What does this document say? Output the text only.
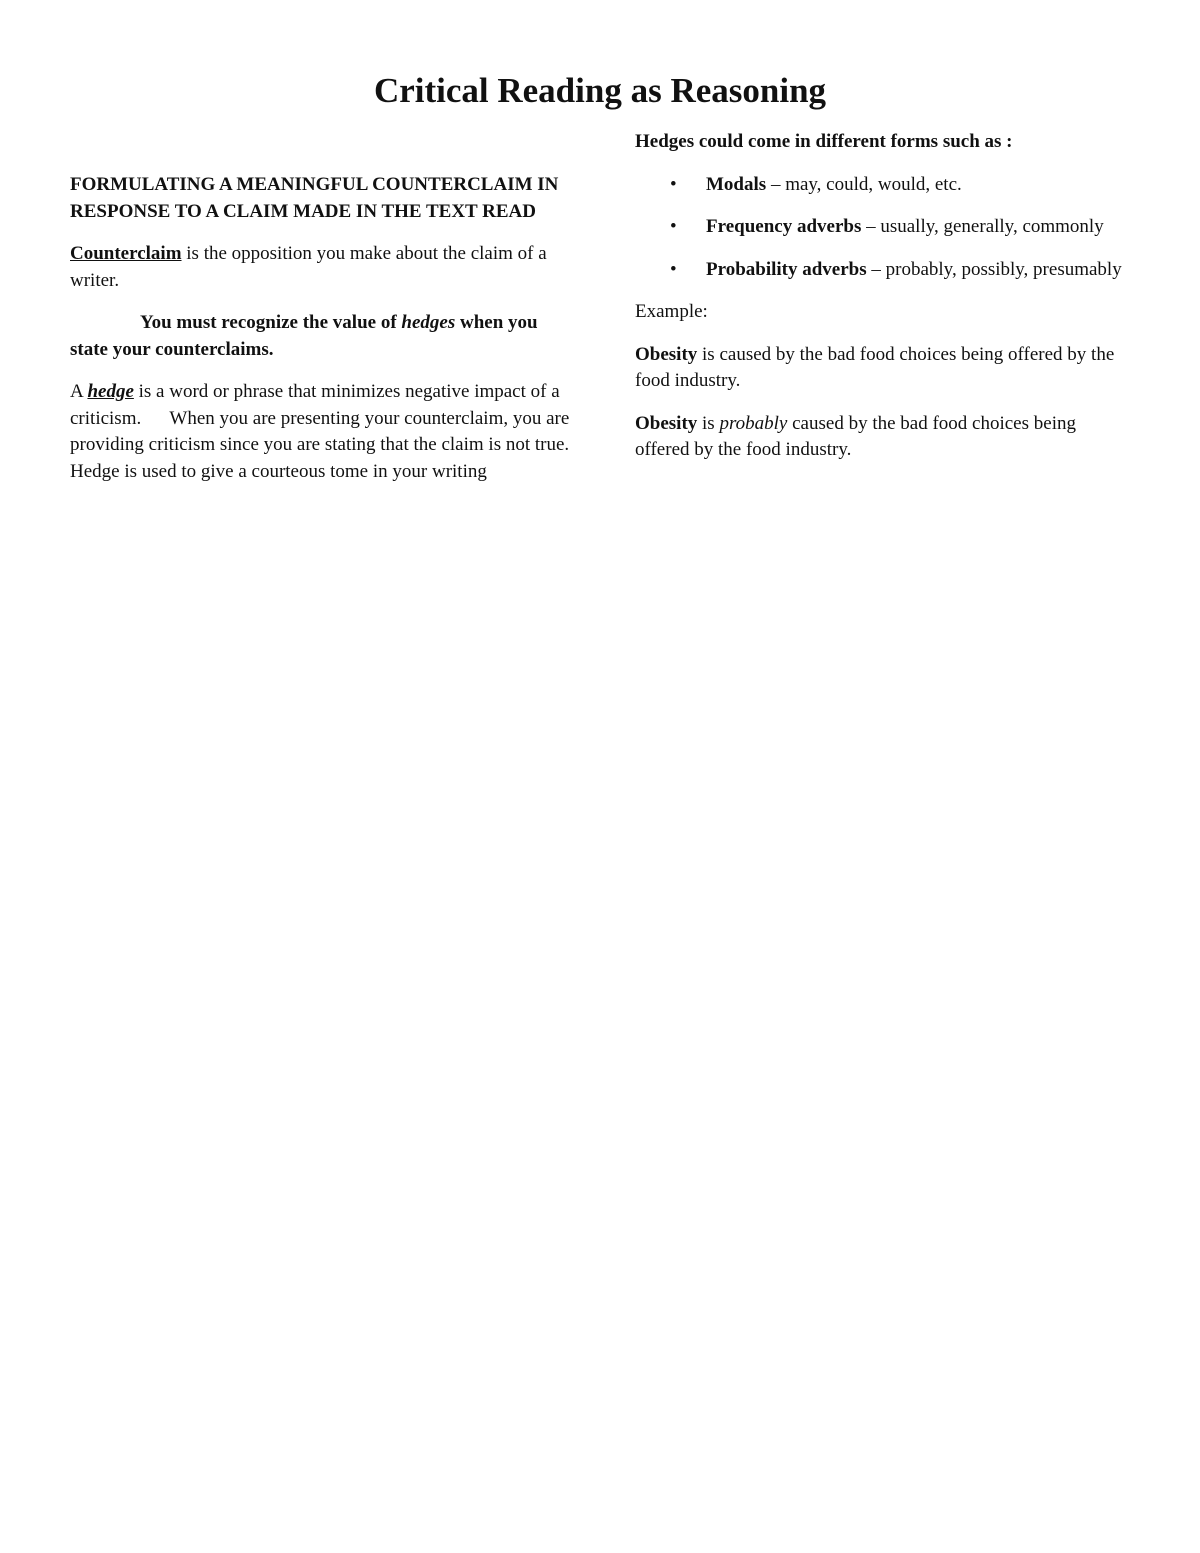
Critical Reading as Reasoning
FORMULATING A MEANINGFUL COUNTERCLAIM IN RESPONSE TO A CLAIM MADE IN THE TEXT READ

Counterclaim is the opposition you make about the claim of a writer.

You must recognize the value of hedges when you state your counterclaims.

A hedge is a word or phrase that minimizes negative impact of a criticism.      When you are presenting your counterclaim, you are providing criticism since you are stating that the claim is not true. Hedge is used to give a courteous tome in your writing

Hedges could come in different forms such as :

• Modals – may, could, would, etc.
• Frequency adverbs – usually, generally, commonly
• Probability adverbs – probably, possibly, presumably

Example:

Obesity is caused by the bad food choices being offered by the food industry.

Obesity is probably caused by the bad food choices being offered by the food industry.
